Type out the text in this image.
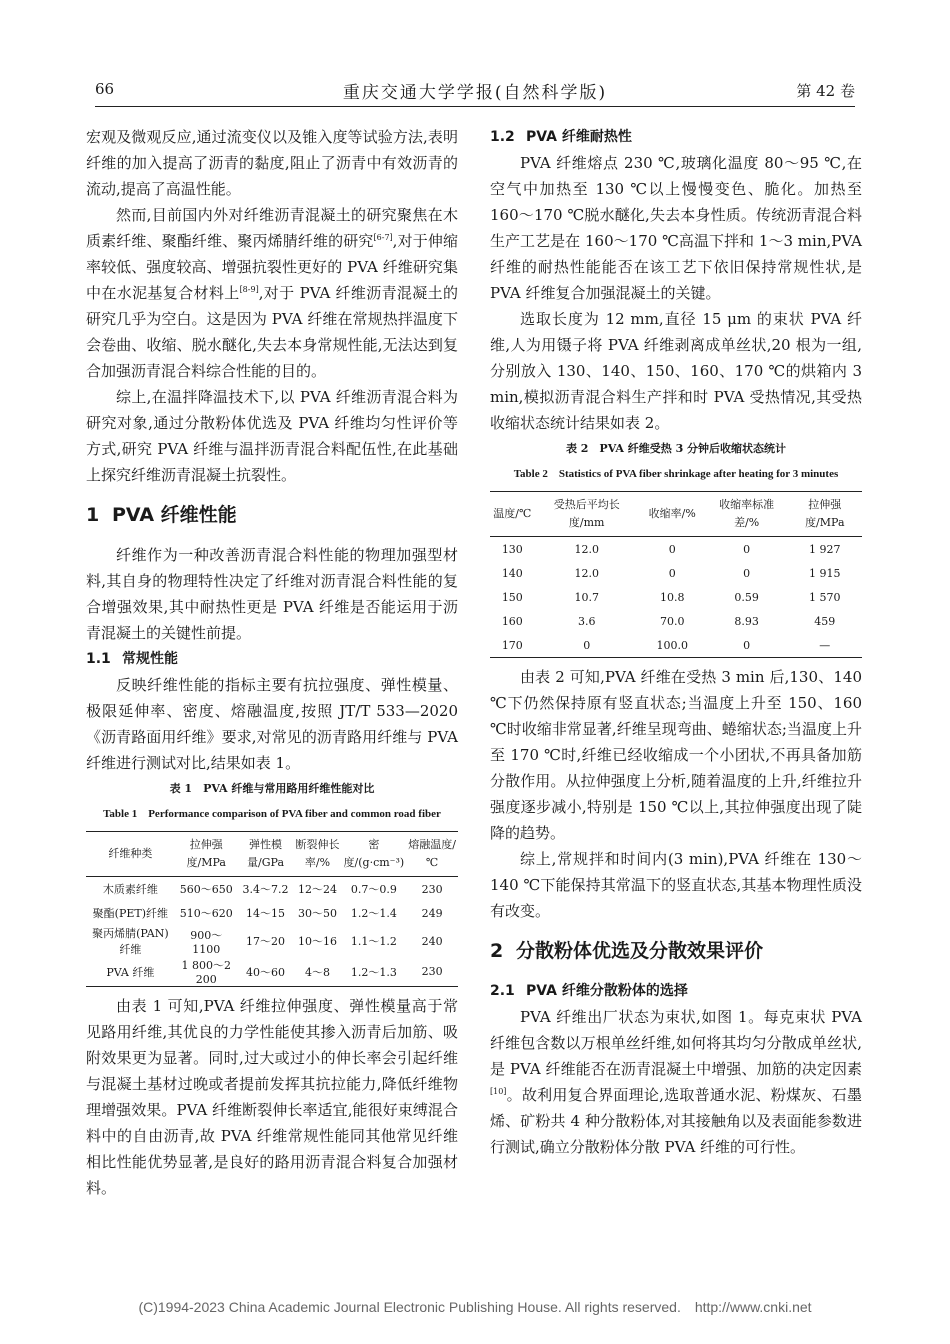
66	重庆交通大学学报(自然科学版)	第 42 卷

宏观及微观反应,通过流变仪以及锥入度等试验方法,表明纤维的加入提高了沥青的黏度,阻止了沥青中有效沥青的流动,提高了高温性能。

然而,目前国内外对纤维沥青混凝土的研究聚焦在木质素纤维、聚酯纤维、聚丙烯腈纤维的研究[6-7],对于伸缩率较低、强度较高、增强抗裂性更好的 PVA 纤维研究集中在水泥基复合材料上[8-9],对于 PVA 纤维沥青混凝土的研究几乎为空白。这是因为 PVA 纤维在常规热拌温度下会卷曲、收缩、脱水醚化,失去本身常规性能,无法达到复合加强沥青混合料综合性能的目的。

综上,在温拌降温技术下,以 PVA 纤维沥青混合料为研究对象,通过分散粉体优选及 PVA 纤维均匀性评价等方式,研究 PVA 纤维与温拌沥青混合料配伍性,在此基础上探究纤维沥青混凝土抗裂性。

1 PVA 纤维性能

纤维作为一种改善沥青混合料性能的物理加强型材料,其自身的物理特性决定了纤维对沥青混合料性能的复合增强效果,其中耐热性更是 PVA 纤维是否能运用于沥青混凝土的关键性前提。

1.1 常规性能

反映纤维性能的指标主要有抗拉强度、弹性模量、极限延伸率、密度、熔融温度,按照 JT/T 533—2020《沥青路面用纤维》要求,对常见的沥青路用纤维与 PVA 纤维进行测试对比,结果如表 1。

表 1　PVA 纤维与常用路用纤维性能对比
Table 1　Performance comparison of PVA fiber and common road fiber
纤维种类	拉伸强度/MPa	弹性模量/GPa	断裂伸长率/%	密度/(g·cm⁻³)	熔融温度/℃
木质素纤维	560～650	3.4～7.2	12～24	0.7～0.9	230
聚酯(PET)纤维	510～620	14～15	30～50	1.2～1.4	249
聚丙烯腈(PAN)纤维	900～1100	17～20	10～16	1.1～1.2	240
PVA 纤维	1 800～2 200	40～60	4～8	1.2～1.3	230

由表 1 可知,PVA 纤维拉伸强度、弹性模量高于常见路用纤维,其优良的力学性能使其掺入沥青后加筋、吸附效果更为显著。同时,过大或过小的伸长率会引起纤维与混凝土基材过晚或者提前发挥其抗拉能力,降低纤维物理增强效果。PVA 纤维断裂伸长率适宜,能很好束缚混合料中的自由沥青,故 PVA 纤维常规性能同其他常见纤维相比性能优势显著,是良好的路用沥青混合料复合加强材料。

1.2 PVA 纤维耐热性

PVA 纤维熔点 230 ℃,玻璃化温度 80～95 ℃,在空气中加热至 130 ℃以上慢慢变色、脆化。加热至 160～170 ℃脱水醚化,失去本身性质。传统沥青混合料生产工艺是在 160～170 ℃高温下拌和 1～3 min,PVA 纤维的耐热性能能否在该工艺下依旧保持常规性状,是 PVA 纤维复合加强混凝土的关键。

选取长度为 12 mm,直径 15 μm 的束状 PVA 纤维,人为用镊子将 PVA 纤维剥离成单丝状,20 根为一组,分别放入 130、140、150、160、170 ℃的烘箱内 3 min,模拟沥青混合料生产拌和时 PVA 受热情况,其受热收缩状态统计结果如表 2。

表 2　PVA 纤维受热 3 分钟后收缩状态统计
Table 2　Statistics of PVA fiber shrinkage after heating for 3 minutes
温度/℃	受热后平均长度/mm	收缩率/%	收缩率标准差/%	拉伸强度/MPa
130	12.0	0	0	1 927
140	12.0	0	0	1 915
150	10.7	10.8	0.59	1 570
160	3.6	70.0	8.93	459
170	0	100.0	0	—

由表 2 可知,PVA 纤维在受热 3 min 后,130、140 ℃下仍然保持原有竖直状态;当温度上升至 150、160 ℃时收缩非常显著,纤维呈现弯曲、蜷缩状态;当温度上升至 170 ℃时,纤维已经收缩成一个小团状,不再具备加筋分散作用。从拉伸强度上分析,随着温度的上升,纤维拉升强度逐步减小,特别是 150 ℃以上,其拉伸强度出现了陡降的趋势。

综上,常规拌和时间内(3 min),PVA 纤维在 130～140 ℃下能保持其常温下的竖直状态,其基本物理性质没有改变。

2 分散粉体优选及分散效果评价
2.1 PVA 纤维分散粉体的选择

PVA 纤维出厂状态为束状,如图 1。每克束状 PVA 纤维包含数以万根单丝纤维,如何将其均匀分散成单丝状,是 PVA 纤维能否在沥青混凝土中增强、加筋的决定因素[10]。故利用复合界面理论,选取普通水泥、粉煤灰、石墨烯、矿粉共 4 种分散粉体,对其接触角以及表面能参数进行测试,确立分散粉体分散 PVA 纤维的可行性。

(C)1994-2023 China Academic Journal Electronic Publishing House. All rights reserved.　http://www.cnki.net
